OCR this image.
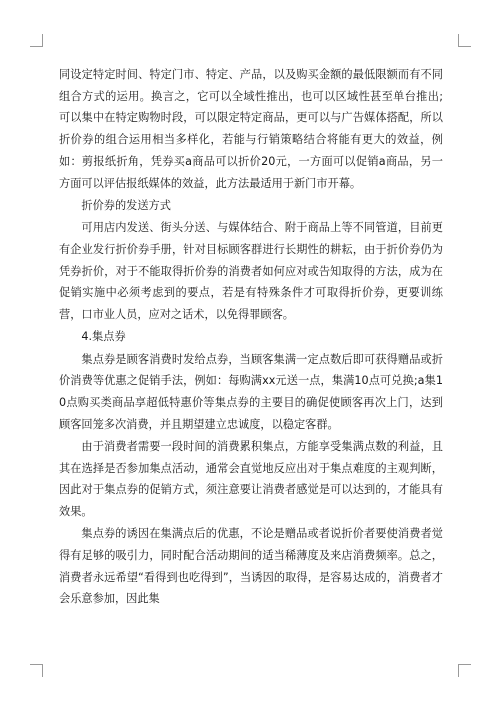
同设定特定时间、特定门市、特定、产品，以及购买金额的最低限额而有不同组合方式的运用。换言之，它可以全域性推出，也可以区域性甚至单台推出;可以集中在特定购物时段，可以限定特定商品，更可以与广告媒体搭配，所以折价券的组合运用相当多样化，若能与行销策略结合将能有更大的效益，例如：剪报纸折角，凭券买a商品可以折价20元，一方面可以促销a商品，另一方面可以评估报纸媒体的效益，此方法最适用于新门市开幕。

折价券的发送方式

可用店内发送、街头分送、与媒体结合、附于商品上等不同管道，目前更有企业发行折价券手册，针对目标顾客群进行长期性的耕耘，由于折价券仍为凭券折价，对于不能取得折价券的消费者如何应对或告知取得的方法，成为在促销实施中必须考虑到的要点，若是有特殊条件才可取得折价券，更要训练营，口市业人员，应对之话术，以免得罪顾客。

4.集点券

集点券是顾客消费时发给点券，当顾客集满一定点数后即可获得赠品或折价消费等优惠之促销手法，例如：每购满xx元送一点，集满10点可兑换;a集10点购买类商品享超低特惠价等集点券的主要目的确促使顾客再次上门，达到顾客回笼多次消费，并且期望建立忠诚度，以稳定客群。

由于消费者需要一段时间的消费累积集点，方能享受集满点数的利益，且其在选择是否参加集点活动，通常会直觉地反应出对于集点难度的主观判断，因此对于集点券的促销方式，须注意要让消费者感觉是可以达到的，才能具有效果。

集点券的诱因在集满点后的优惠，不论是赠品或者说折价者要使消费者觉得有足够的吸引力，同时配合活动期间的适当稀薄度及来店消费频率。总之，消费者永远希望“看得到也吃得到”，当诱因的取得，是容易达成的，消费者才会乐意参加，因此集
